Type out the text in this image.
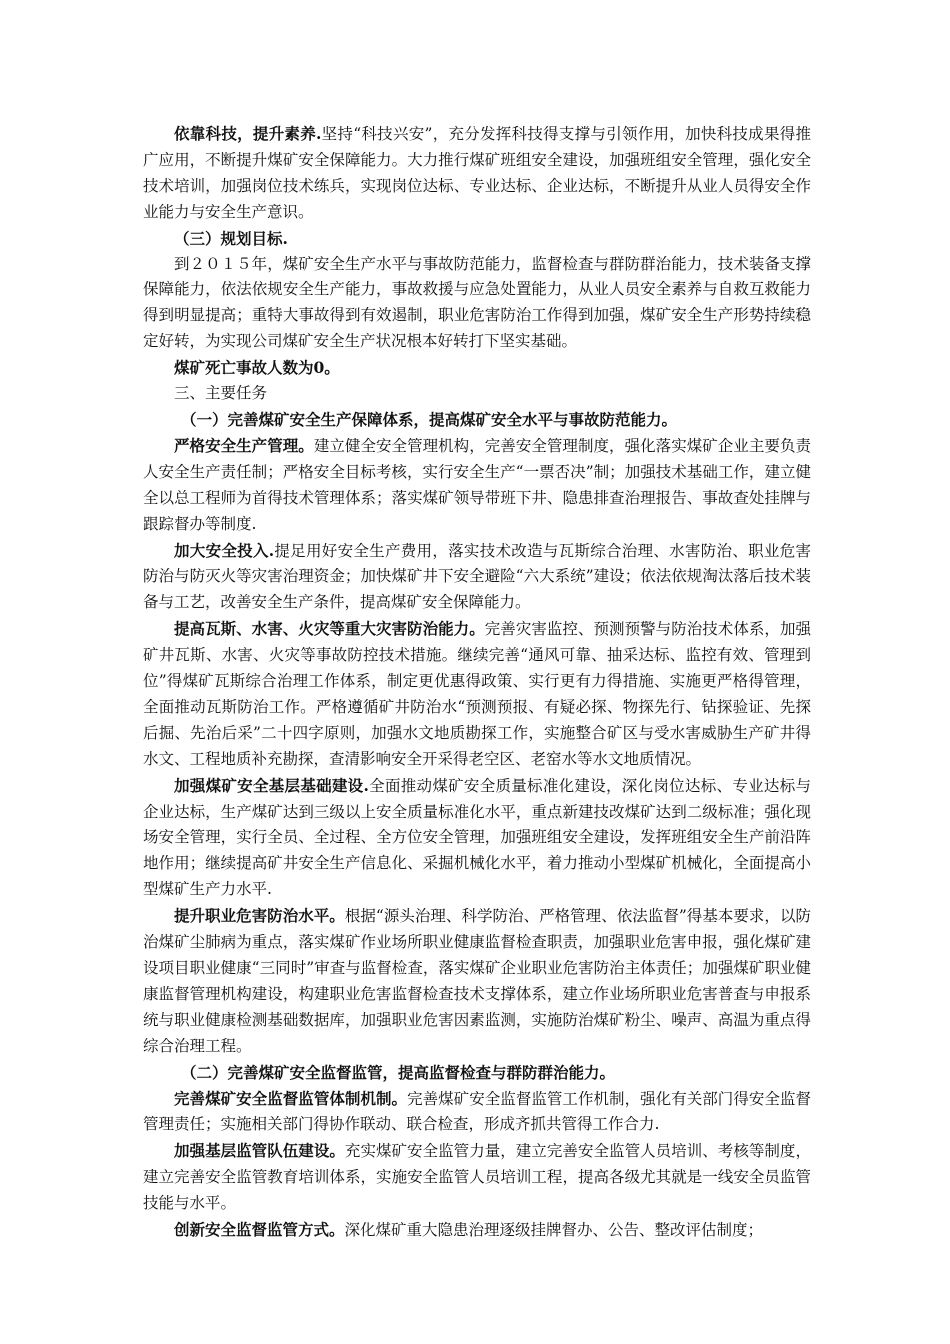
依靠科技，提升素养.坚持“科技兴安”，充分发挥科技得支撑与引领作用，加快科技成果得推广应用，不断提升煤矿安全保障能力。大力推行煤矿班组安全建设，加强班组安全管理，强化安全技术培训，加强岗位技术练兵，实现岗位达标、专业达标、企业达标，不断提升从业人员得安全作业能力与安全生产意识。

（三）规划目标.

到２０１５年，煤矿安全生产水平与事故防范能力，监督检查与群防群治能力，技术装备支撑保障能力，依法依规安全生产能力，事故救援与应急处置能力，从业人员安全素养与自救互救能力得到明显提高；重特大事故得到有效遏制，职业危害防治工作得到加强，煤矿安全生产形势持续稳定好转，为实现公司煤矿安全生产状况根本好转打下坚实基础。

煤矿死亡事故人数为0。

三、主要任务

（一）完善煤矿安全生产保障体系，提高煤矿安全水平与事故防范能力。

严格安全生产管理。建立健全安全管理机构，完善安全管理制度，强化落实煤矿企业主要负责人安全生产责任制；严格安全目标考核，实行安全生产“一票否决”制；加强技术基础工作，建立健全以总工程师为首得技术管理体系；落实煤矿领导带班下井、隐患排查治理报告、事故查处挂牌与跟踪督办等制度.

加大安全投入.提足用好安全生产费用，落实技术改造与瓦斯综合治理、水害防治、职业危害防治与防灭火等灾害治理资金；加快煤矿井下安全避险“六大系统”建设；依法依规淘汰落后技术装备与工艺，改善安全生产条件，提高煤矿安全保障能力。

提高瓦斯、水害、火灾等重大灾害防治能力。完善灾害监控、预测预警与防治技术体系，加强矿井瓦斯、水害、火灾等事故防控技术措施。继续完善“通风可靠、抽采达标、监控有效、管理到位”得煤矿瓦斯综合治理工作体系，制定更优惠得政策、实行更有力得措施、实施更严格得管理，全面推动瓦斯防治工作。严格遵循矿井防治水“预测预报、有疑必探、物探先行、钻探验证、先探后掘、先治后采”二十四字原则，加强水文地质勘探工作，实施整合矿区与受水害威胁生产矿井得水文、工程地质补充勘探，查清影响安全开采得老空区、老窑水等水文地质情况。

加强煤矿安全基层基础建设.全面推动煤矿安全质量标准化建设，深化岗位达标、专业达标与企业达标，生产煤矿达到三级以上安全质量标准化水平，重点新建技改煤矿达到二级标准；强化现场安全管理，实行全员、全过程、全方位安全管理，加强班组安全建设，发挥班组安全生产前沿阵地作用；继续提高矿井安全生产信息化、采掘机械化水平，着力推动小型煤矿机械化，全面提高小型煤矿生产力水平.

提升职业危害防治水平。根据“源头治理、科学防治、严格管理、依法监督”得基本要求，以防治煤矿尘肺病为重点，落实煤矿作业场所职业健康监督检查职责，加强职业危害申报，强化煤矿建设项目职业健康“三同时”审查与监督检查，落实煤矿企业职业危害防治主体责任；加强煤矿职业健康监督管理机构建设，构建职业危害监督检查技术支撑体系，建立作业场所职业危害普查与申报系统与职业健康检测基础数据库，加强职业危害因素监测，实施防治煤矿粉尘、噪声、高温为重点得综合治理工程。

（二）完善煤矿安全监督监管，提高监督检查与群防群治能力。

完善煤矿安全监督监管体制机制。完善煤矿安全监督监管工作机制，强化有关部门得安全监督管理责任；实施相关部门得协作联动、联合检查，形成齐抓共管得工作合力.

加强基层监管队伍建设。充实煤矿安全监管力量，建立完善安全监管人员培训、考核等制度，建立完善安全监管教育培训体系，实施安全监管人员培训工程，提高各级尤其就是一线安全员监管技能与水平。

创新安全监督监管方式。深化煤矿重大隐患治理逐级挂牌督办、公告、整改评估制度；
